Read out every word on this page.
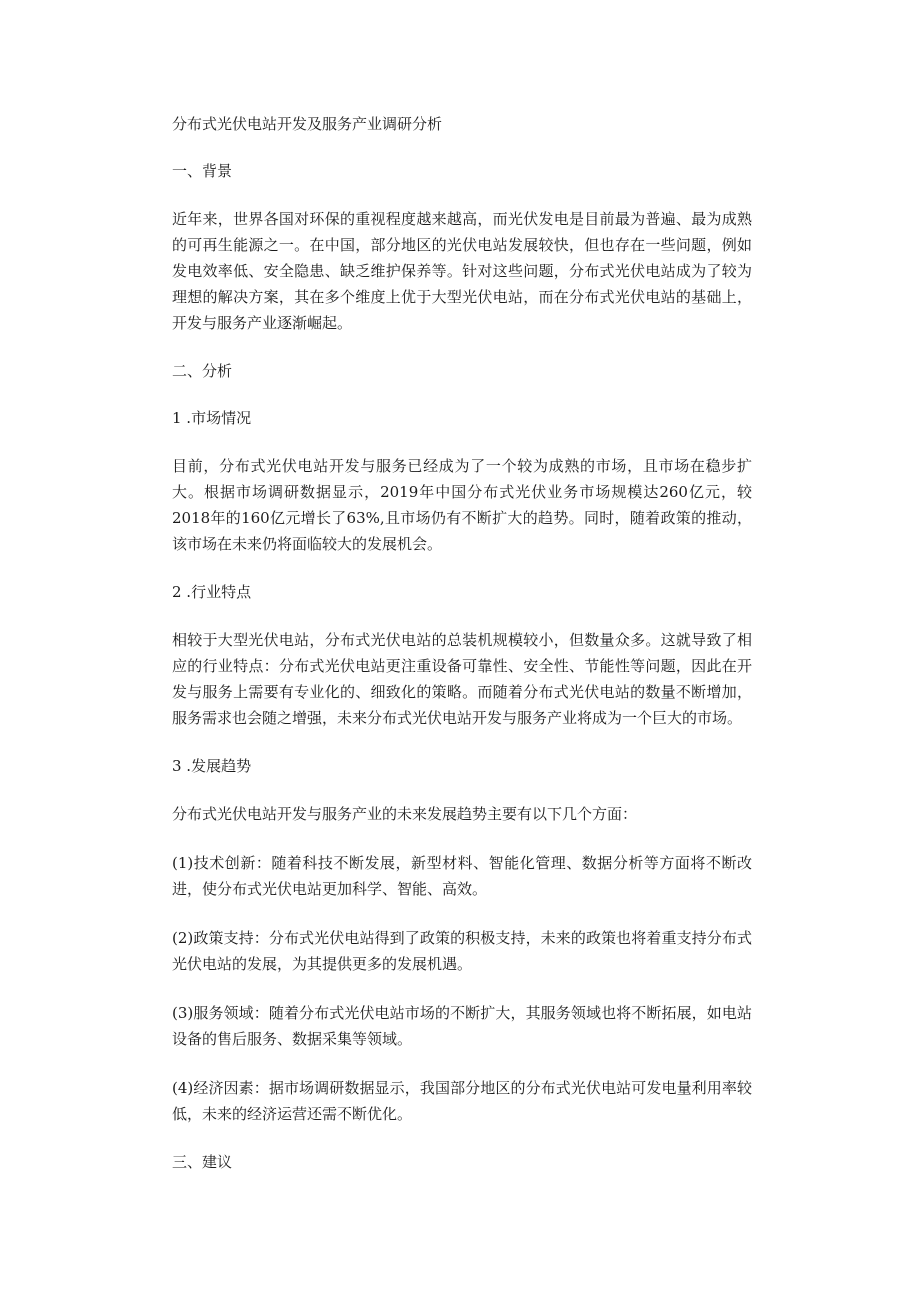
分布式光伏电站开发及服务产业调研分析

一、背景

近年来，世界各国对环保的重视程度越来越高，而光伏发电是目前最为普遍、最为成熟的可再生能源之一。在中国，部分地区的光伏电站发展较快，但也存在一些问题，例如发电效率低、安全隐患、缺乏维护保养等。针对这些问题，分布式光伏电站成为了较为理想的解决方案，其在多个维度上优于大型光伏电站，而在分布式光伏电站的基础上，开发与服务产业逐渐崛起。

二、分析

1 .市场情况

目前，分布式光伏电站开发与服务已经成为了一个较为成熟的市场，且市场在稳步扩大。根据市场调研数据显示，2019年中国分布式光伏业务市场规模达260亿元，较2018年的160亿元增长了63%,且市场仍有不断扩大的趋势。同时，随着政策的推动，该市场在未来仍将面临较大的发展机会。

2 .行业特点

相较于大型光伏电站，分布式光伏电站的总装机规模较小，但数量众多。这就导致了相应的行业特点：分布式光伏电站更注重设备可靠性、安全性、节能性等问题，因此在开发与服务上需要有专业化的、细致化的策略。而随着分布式光伏电站的数量不断增加，服务需求也会随之增强，未来分布式光伏电站开发与服务产业将成为一个巨大的市场。

3 .发展趋势

分布式光伏电站开发与服务产业的未来发展趋势主要有以下几个方面：

(1)技术创新：随着科技不断发展，新型材料、智能化管理、数据分析等方面将不断改进，使分布式光伏电站更加科学、智能、高效。

(2)政策支持：分布式光伏电站得到了政策的积极支持，未来的政策也将着重支持分布式光伏电站的发展，为其提供更多的发展机遇。

(3)服务领域：随着分布式光伏电站市场的不断扩大，其服务领域也将不断拓展，如电站设备的售后服务、数据采集等领域。

(4)经济因素：据市场调研数据显示，我国部分地区的分布式光伏电站可发电量利用率较低，未来的经济运营还需不断优化。

三、建议
